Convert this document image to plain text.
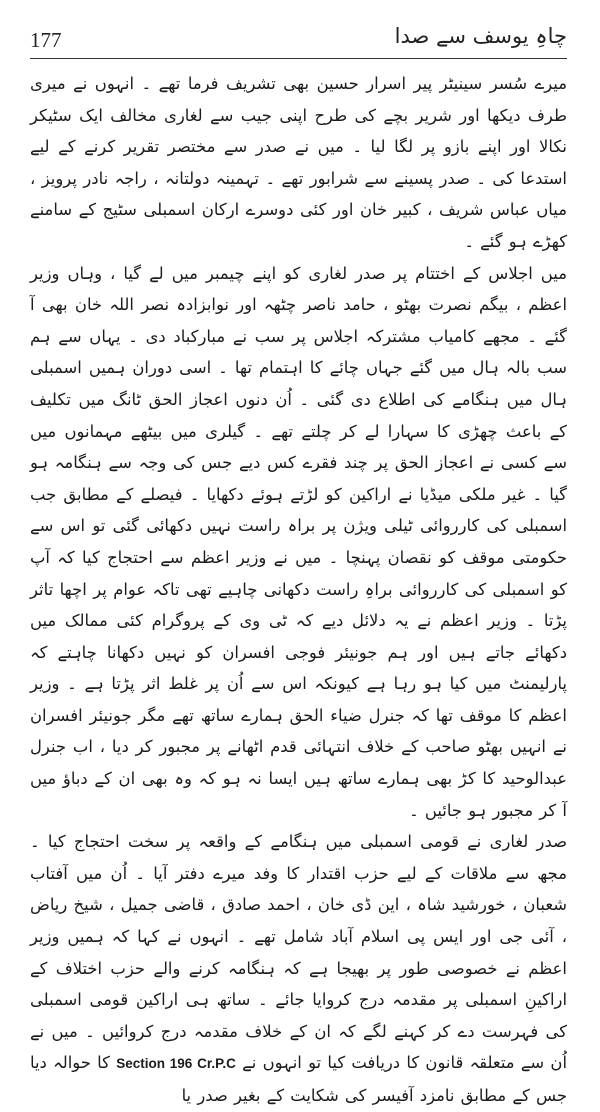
177	چاہِ یوسف سے صدا

میرے سُسر سینیٹر پیر اسرار حسین بھی تشریف فرما تھے ۔ انہوں نے میری طرف دیکھا اور شریر بچے کی طرح اپنی جیب سے لغاری مخالف ایک سٹیکر نکالا اور اپنے بازو پر لگا لیا ۔ میں نے صدر سے مختصر تقریر کرنے کے لیے استدعا کی ۔ صدر پسینے سے شرابور تھے ۔ تہمینہ دولتانہ ، راجہ نادر پرویز ، میاں عباس شریف ، کبیر خان اور کئی دوسرے ارکان اسمبلی سٹیج کے سامنے کھڑے ہو گئے ۔

میں اجلاس کے اختتام پر صدر لغاری کو اپنے چیمبر میں لے گیا ، وہاں وزیر اعظم ، بیگم نصرت بھٹو ، حامد ناصر چٹھہ اور نوابزادہ نصر اللہ خان بھی آ گئے ۔ مجھے کامیاب مشترکہ اجلاس پر سب نے مبارکباد دی ۔ یہاں سے ہم سب بالہ ہال میں گئے جہاں چائے کا اہتمام تھا ۔ اسی دوران ہمیں اسمبلی ہال میں ہنگامے کی اطلاع دی گئی ۔ اُن دنوں اعجاز الحق ٹانگ میں تکلیف کے باعث چھڑی کا سہارا لے کر چلتے تھے ۔ گیلری میں بیٹھے مہمانوں میں سے کسی نے اعجاز الحق پر چند فقرے کس دیے جس کی وجہ سے ہنگامہ ہو گیا ۔ غیر ملکی میڈیا نے اراکین کو لڑتے ہوئے دکھایا ۔ فیصلے کے مطابق جب اسمبلی کی کارروائی ٹیلی ویژن پر براہ راست نہیں دکھائی گئی تو اس سے حکومتی موقف کو نقصان پہنچا ۔ میں نے وزیر اعظم سے احتجاج کیا کہ آپ کو اسمبلی کی کارروائی براہِ راست دکھانی چاہیے تھی تاکہ عوام پر اچھا تاثر پڑتا ۔ وزیر اعظم نے یہ دلائل دیے کہ ٹی وی کے پروگرام کئی ممالک میں دکھائے جاتے ہیں اور ہم جونیئر فوجی افسران کو نہیں دکھانا چاہتے کہ پارلیمنٹ میں کیا ہو رہا ہے کیونکہ اس سے اُن پر غلط اثر پڑتا ہے ۔ وزیر اعظم کا موقف تھا کہ جنرل ضیاء الحق ہمارے ساتھ تھے مگر جونیئر افسران نے انہیں بھٹو صاحب کے خلاف انتہائی قدم اٹھانے پر مجبور کر دیا ، اب جنرل عبدالوحید کا کڑ بھی ہمارے ساتھ ہیں ایسا نہ ہو کہ وہ بھی ان کے دباؤ میں آ کر مجبور ہو جائیں ۔

صدر لغاری نے قومی اسمبلی میں ہنگامے کے واقعہ پر سخت احتجاج کیا ۔ مجھ سے ملاقات کے لیے حزب اقتدار کا وفد میرے دفتر آیا ۔ اُن میں آفتاب شعبان ، خورشید شاہ ، این ڈی خان ، احمد صادق ، قاضی جمیل ، شیخ ریاض ، آئی جی اور ایس پی اسلام آباد شامل تھے ۔ انہوں نے کہا کہ ہمیں وزیر اعظم نے خصوصی طور پر بھیجا ہے کہ ہنگامہ کرنے والے حزب اختلاف کے اراکینِ اسمبلی پر مقدمہ درج کروایا جائے ۔ ساتھ ہی اراکین قومی اسمبلی کی فہرست دے کر کہنے لگے کہ ان کے خلاف مقدمہ درج کروائیں ۔ میں نے اُن سے متعلقہ قانون کا دریافت کیا تو انہوں نے Section 196 Cr.P.C کا حوالہ دیا جس کے مطابق نامزد آفیسر کی شکایت کے بغیر صدر یا
